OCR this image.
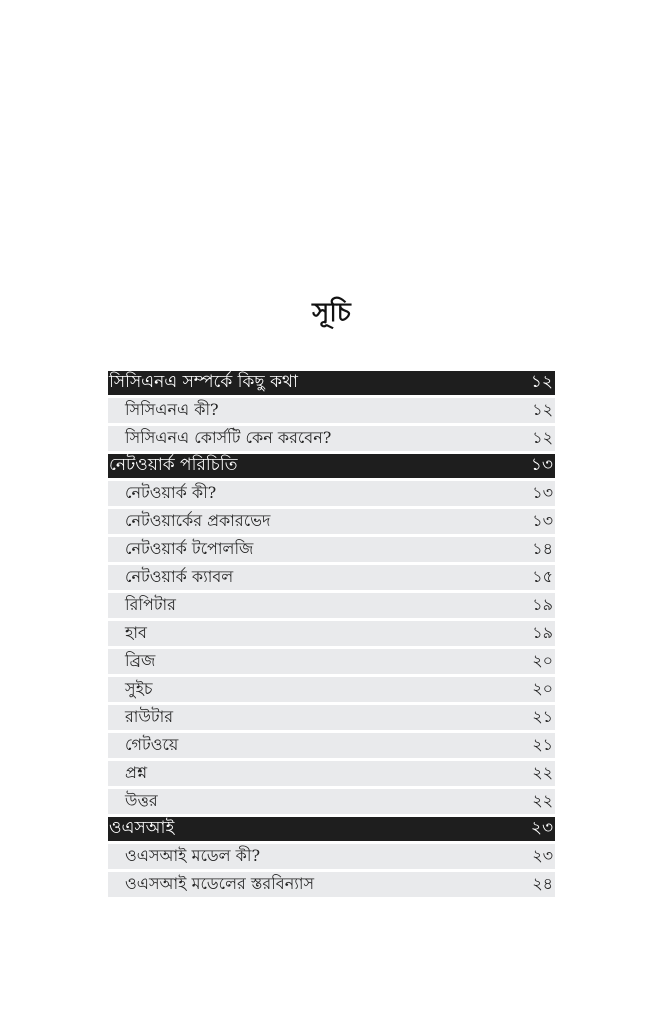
সূচি
সিসিএনএ সম্পর্কে কিছু কথা	১২
সিসিএনএ কী?	১২
সিসিএনএ কোর্সটি কেন করবেন?	১২
নেটওয়ার্ক পরিচিতি	১৩
নেটওয়ার্ক কী?	১৩
নেটওয়ার্কের প্রকারভেদ	১৩
নেটওয়ার্ক টপোলজি	১৪
নেটওয়ার্ক ক্যাবল	১৫
রিপিটার	১৯
হাব	১৯
ব্রিজ	২০
সুইচ	২০
রাউটার	২১
গেটওয়ে	২১
প্রশ্ন	২২
উত্তর	২২
ওএসআই	২৩
ওএসআই মডেল কী?	২৩
ওএসআই মডেলের স্তরবিন্যাস	২৪
